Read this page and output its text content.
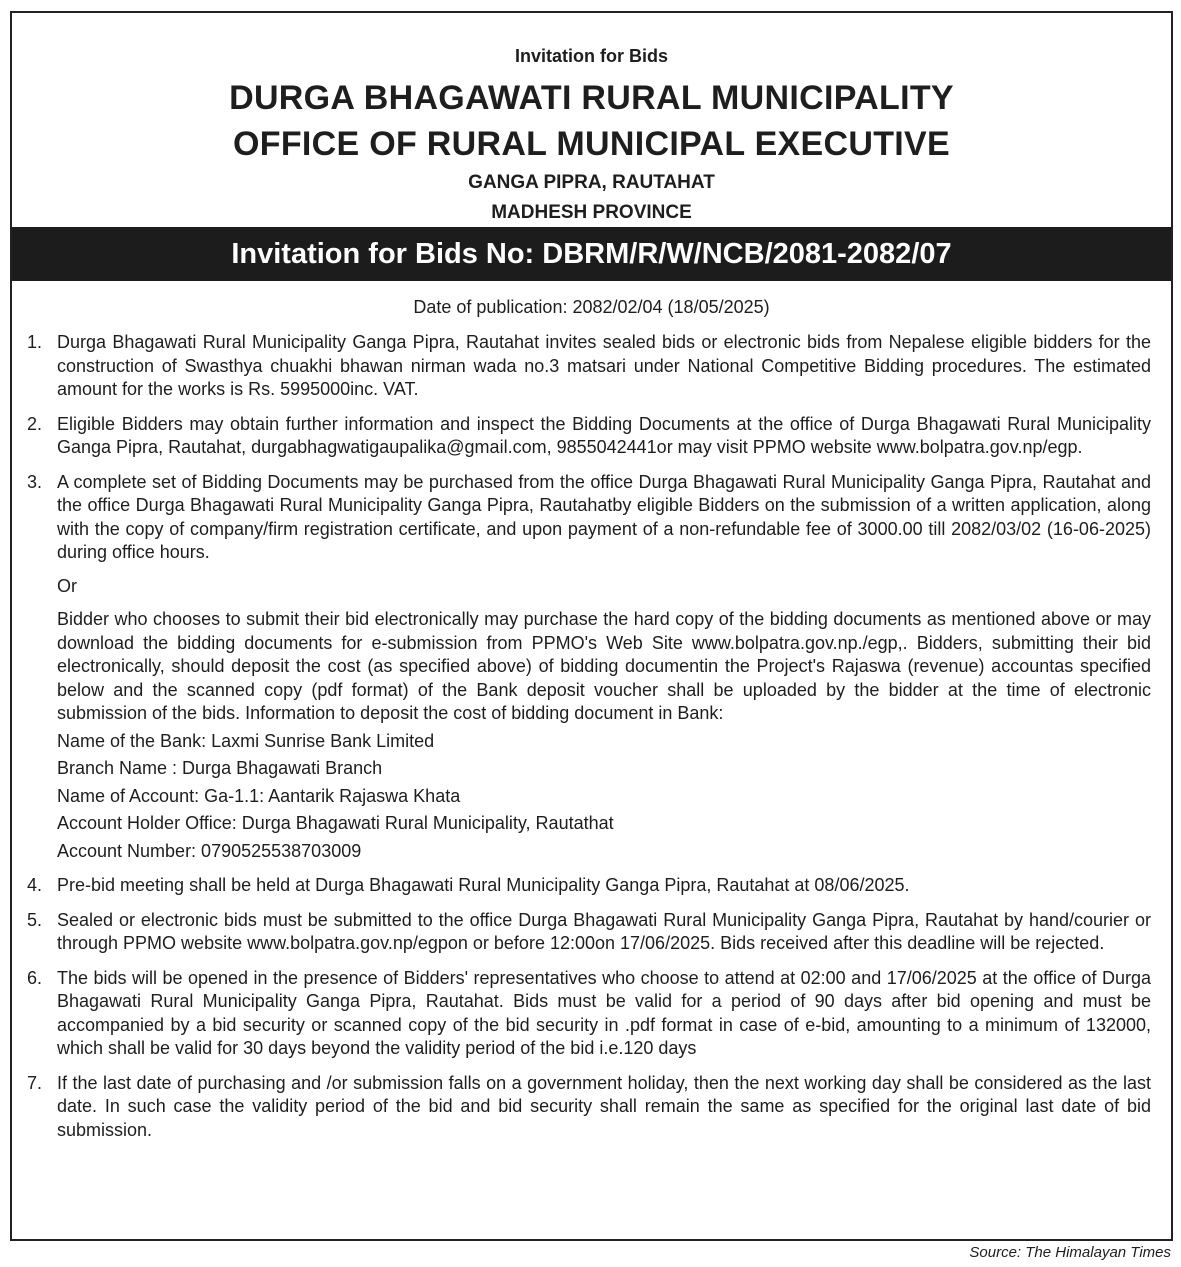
Invitation for Bids
DURGA BHAGAWATI RURAL MUNICIPALITY
OFFICE OF RURAL MUNICIPAL EXECUTIVE
GANGA PIPRA, RAUTAHAT
MADHESH PROVINCE
Invitation for Bids No: DBRM/R/W/NCB/2081-2082/07
Date of publication: 2082/02/04 (18/05/2025)
1. Durga Bhagawati Rural Municipality Ganga Pipra, Rautahat invites sealed bids or electronic bids from Nepalese eligible bidders for the construction of Swasthya chuakhi bhawan nirman wada no.3 matsari under National Competitive Bidding procedures. The estimated amount for the works is Rs. 5995000inc. VAT.
2. Eligible Bidders may obtain further information and inspect the Bidding Documents at the office of Durga Bhagawati Rural Municipality Ganga Pipra, Rautahat, durgabhagwatigaupalika@gmail.com, 9855042441or may visit PPMO website www.bolpatra.gov.np/egp.
3. A complete set of Bidding Documents may be purchased from the office Durga Bhagawati Rural Municipality Ganga Pipra, Rautahat and the office Durga Bhagawati Rural Municipality Ganga Pipra, Rautahatby eligible Bidders on the submission of a written application, along with the copy of company/firm registration certificate, and upon payment of a non-refundable fee of 3000.00 till 2082/03/02 (16-06-2025) during office hours.
Or
Bidder who chooses to submit their bid electronically may purchase the hard copy of the bidding documents as mentioned above or may download the bidding documents for e-submission from PPMO's Web Site www.bolpatra.gov.np./egp,. Bidders, submitting their bid electronically, should deposit the cost (as specified above) of bidding documentin the Project's Rajaswa (revenue) accountas specified below and the scanned copy (pdf format) of the Bank deposit voucher shall be uploaded by the bidder at the time of electronic submission of the bids. Information to deposit the cost of bidding document in Bank:
Name of the Bank: Laxmi Sunrise Bank Limited
Branch Name : Durga Bhagawati Branch
Name of Account: Ga-1.1: Aantarik Rajaswa Khata
Account Holder Office: Durga Bhagawati Rural Municipality, Rautathat
Account Number: 0790525538703009
4. Pre-bid meeting shall be held at Durga Bhagawati Rural Municipality Ganga Pipra, Rautahat at 08/06/2025.
5. Sealed or electronic bids must be submitted to the office Durga Bhagawati Rural Municipality Ganga Pipra, Rautahat by hand/courier or through PPMO website www.bolpatra.gov.np/egpon or before 12:00on 17/06/2025. Bids received after this deadline will be rejected.
6. The bids will be opened in the presence of Bidders' representatives who choose to attend at 02:00 and 17/06/2025 at the office of Durga Bhagawati Rural Municipality Ganga Pipra, Rautahat. Bids must be valid for a period of 90 days after bid opening and must be accompanied by a bid security or scanned copy of the bid security in .pdf format in case of e-bid, amounting to a minimum of 132000, which shall be valid for 30 days beyond the validity period of the bid i.e.120 days
7. If the last date of purchasing and /or submission falls on a government holiday, then the next working day shall be considered as the last date. In such case the validity period of the bid and bid security shall remain the same as specified for the original last date of bid submission.
Source: The Himalayan Times
